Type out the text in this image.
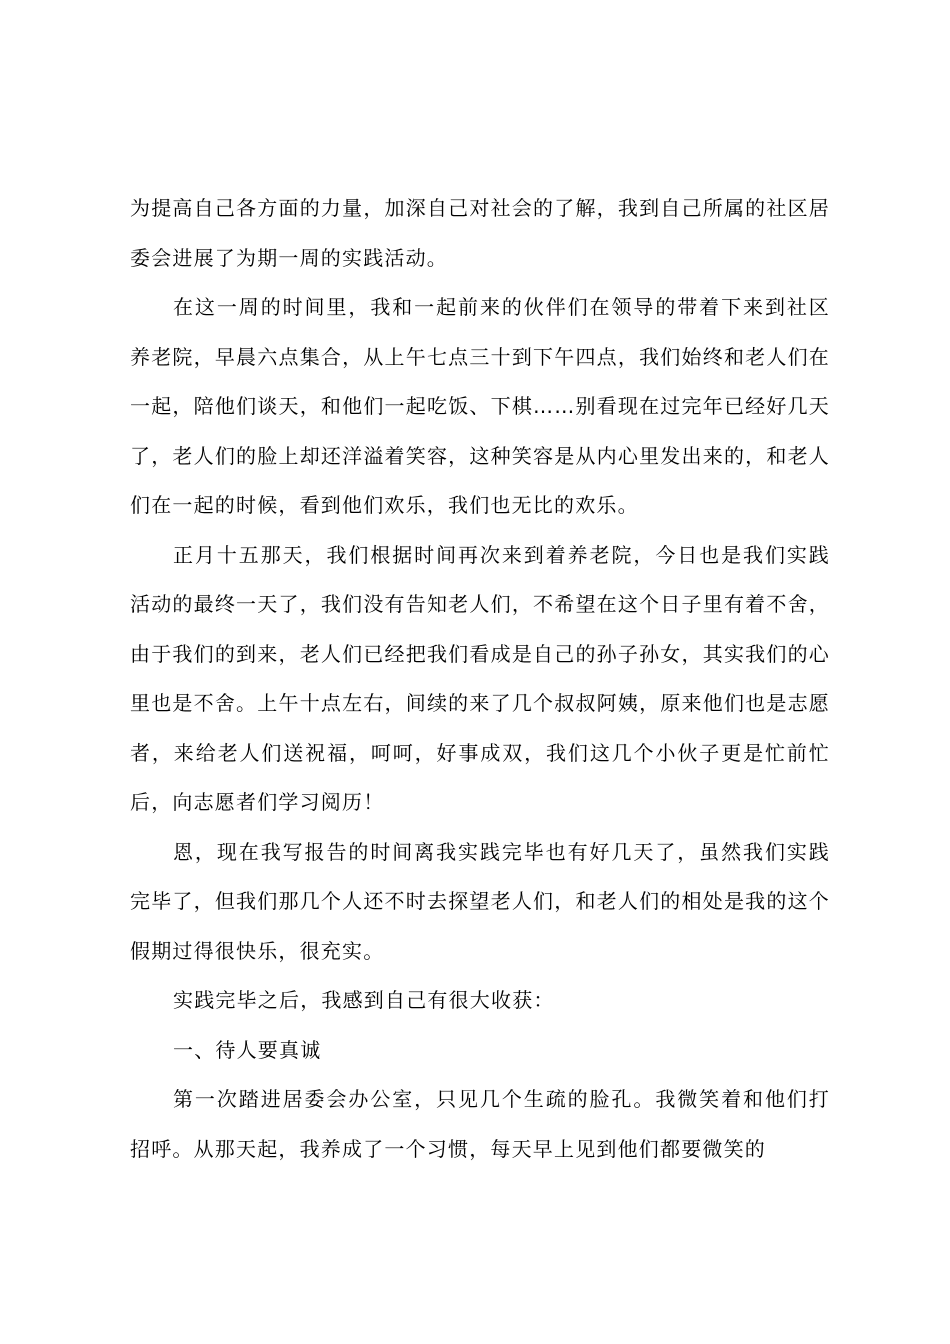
为提高自己各方面的力量，加深自己对社会的了解，我到自己所属的社区居委会进展了为期一周的实践活动。

在这一周的时间里，我和一起前来的伙伴们在领导的带着下来到社区养老院，早晨六点集合，从上午七点三十到下午四点，我们始终和老人们在一起，陪他们谈天，和他们一起吃饭、下棋……别看现在过完年已经好几天了，老人们的脸上却还洋溢着笑容，这种笑容是从内心里发出来的，和老人们在一起的时候，看到他们欢乐，我们也无比的欢乐。

正月十五那天，我们根据时间再次来到着养老院，今日也是我们实践活动的最终一天了，我们没有告知老人们，不希望在这个日子里有着不舍，由于我们的到来，老人们已经把我们看成是自己的孙子孙女，其实我们的心里也是不舍。上午十点左右，间续的来了几个叔叔阿姨，原来他们也是志愿者，来给老人们送祝福，呵呵，好事成双，我们这几个小伙子更是忙前忙后，向志愿者们学习阅历！

恩，现在我写报告的时间离我实践完毕也有好几天了，虽然我们实践完毕了，但我们那几个人还不时去探望老人们，和老人们的相处是我的这个假期过得很快乐，很充实。

实践完毕之后，我感到自己有很大收获：

一、待人要真诚

第一次踏进居委会办公室，只见几个生疏的脸孔。我微笑着和他们打招呼。从那天起，我养成了一个习惯，每天早上见到他们都要微笑的
